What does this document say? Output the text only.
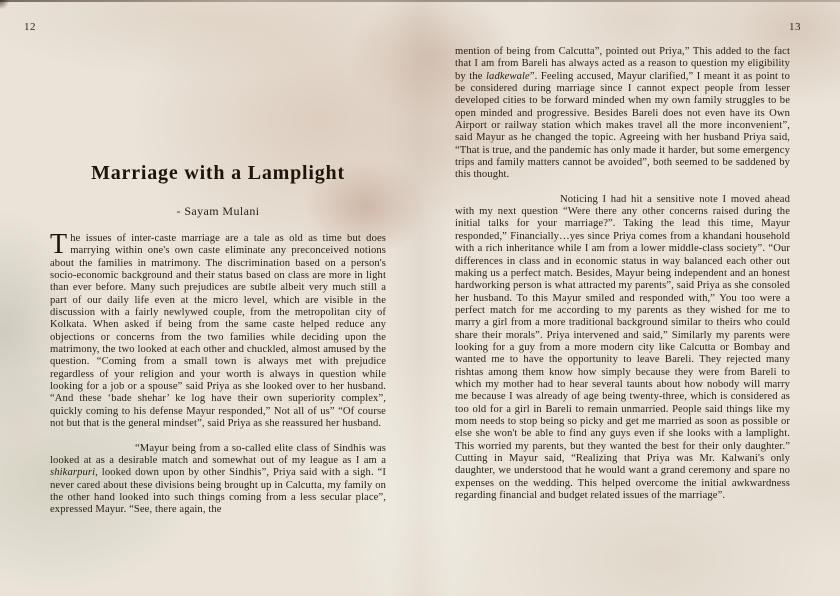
12	13
Marriage with a Lamplight
- Sayam Mulani

The issues of inter-caste marriage are a tale as old as time but does marrying within one's own caste eliminate any preconceived notions about the families in matrimony. The discrimination based on a person's socio-economic background and their status based on class are more in light than ever before. Many such prejudices are subtle albeit very much still a part of our daily life even at the micro level, which are visible in the discussion with a fairly newlywed couple, from the metropolitan city of Kolkata. When asked if being from the same caste helped reduce any objections or concerns from the two families while deciding upon the matrimony, the two looked at each other and chuckled, almost amused by the question. “Coming from a small town is always met with prejudice regardless of your religion and your worth is always in question while looking for a job or a spouse” said Priya as she looked over to her husband. “And these ‘bade shehar’ ke log have their own superiority complex”, quickly coming to his defense Mayur responded,” Not all of us” “Of course not but that is the general mindset”, said Priya as she reassured her husband.

“Mayur being from a so-called elite class of Sindhis was looked at as a desirable match and somewhat out of my league as I am a shikarpuri, looked down upon by other Sindhis”, Priya said with a sigh. “I never cared about these divisions being brought up in Calcutta, my family on the other hand looked into such things coming from a less secular place”, expressed Mayur. “See, there again, the

mention of being from Calcutta”, pointed out Priya,” This added to the fact that I am from Bareli has always acted as a reason to question my eligibility by the ladkewale”. Feeling accused, Mayur clarified,” I meant it as point to be considered during marriage since I cannot expect people from lesser developed cities to be forward minded when my own family struggles to be open minded and progressive. Besides Bareli does not even have its Own Airport or railway station which makes travel all the more inconvenient”, said Mayur as he changed the topic. Agreeing with her husband Priya said, “That is true, and the pandemic has only made it harder, but some emergency trips and family matters cannot be avoided”, both seemed to be saddened by this thought.

Noticing I had hit a sensitive note I moved ahead with my next question “Were there any other concerns raised during the initial talks for your marriage?”. Taking the lead this time, Mayur responded,” Financially…yes since Priya comes from a khandani household with a rich inheritance while I am from a lower middle-class society”. “Our differences in class and in economic status in way balanced each other out making us a perfect match. Besides, Mayur being independent and an honest hardworking person is what attracted my parents”, said Priya as she consoled her husband. To this Mayur smiled and responded with,” You too were a perfect match for me according to my parents as they wished for me to marry a girl from a more traditional background similar to theirs who could share their morals”. Priya intervened and said,” Similarly my parents were looking for a guy from a more modern city like Calcutta or Bombay and wanted me to have the opportunity to leave Bareli. They rejected many rishtas among them know how simply because they were from Bareli to which my mother had to hear several taunts about how nobody will marry me because I was already of age being twenty-three, which is considered as too old for a girl in Bareli to remain unmarried. People said things like my mom needs to stop being so picky and get me married as soon as possible or else she won't be able to find any guys even if she looks with a lamplight. This worried my parents, but they wanted the best for their only daughter.” Cutting in Mayur said, “Realizing that Priya was Mr. Kalwani's only daughter, we understood that he would want a grand ceremony and spare no expenses on the wedding. This helped overcome the initial awkwardness regarding financial and budget related issues of the marriage”.
